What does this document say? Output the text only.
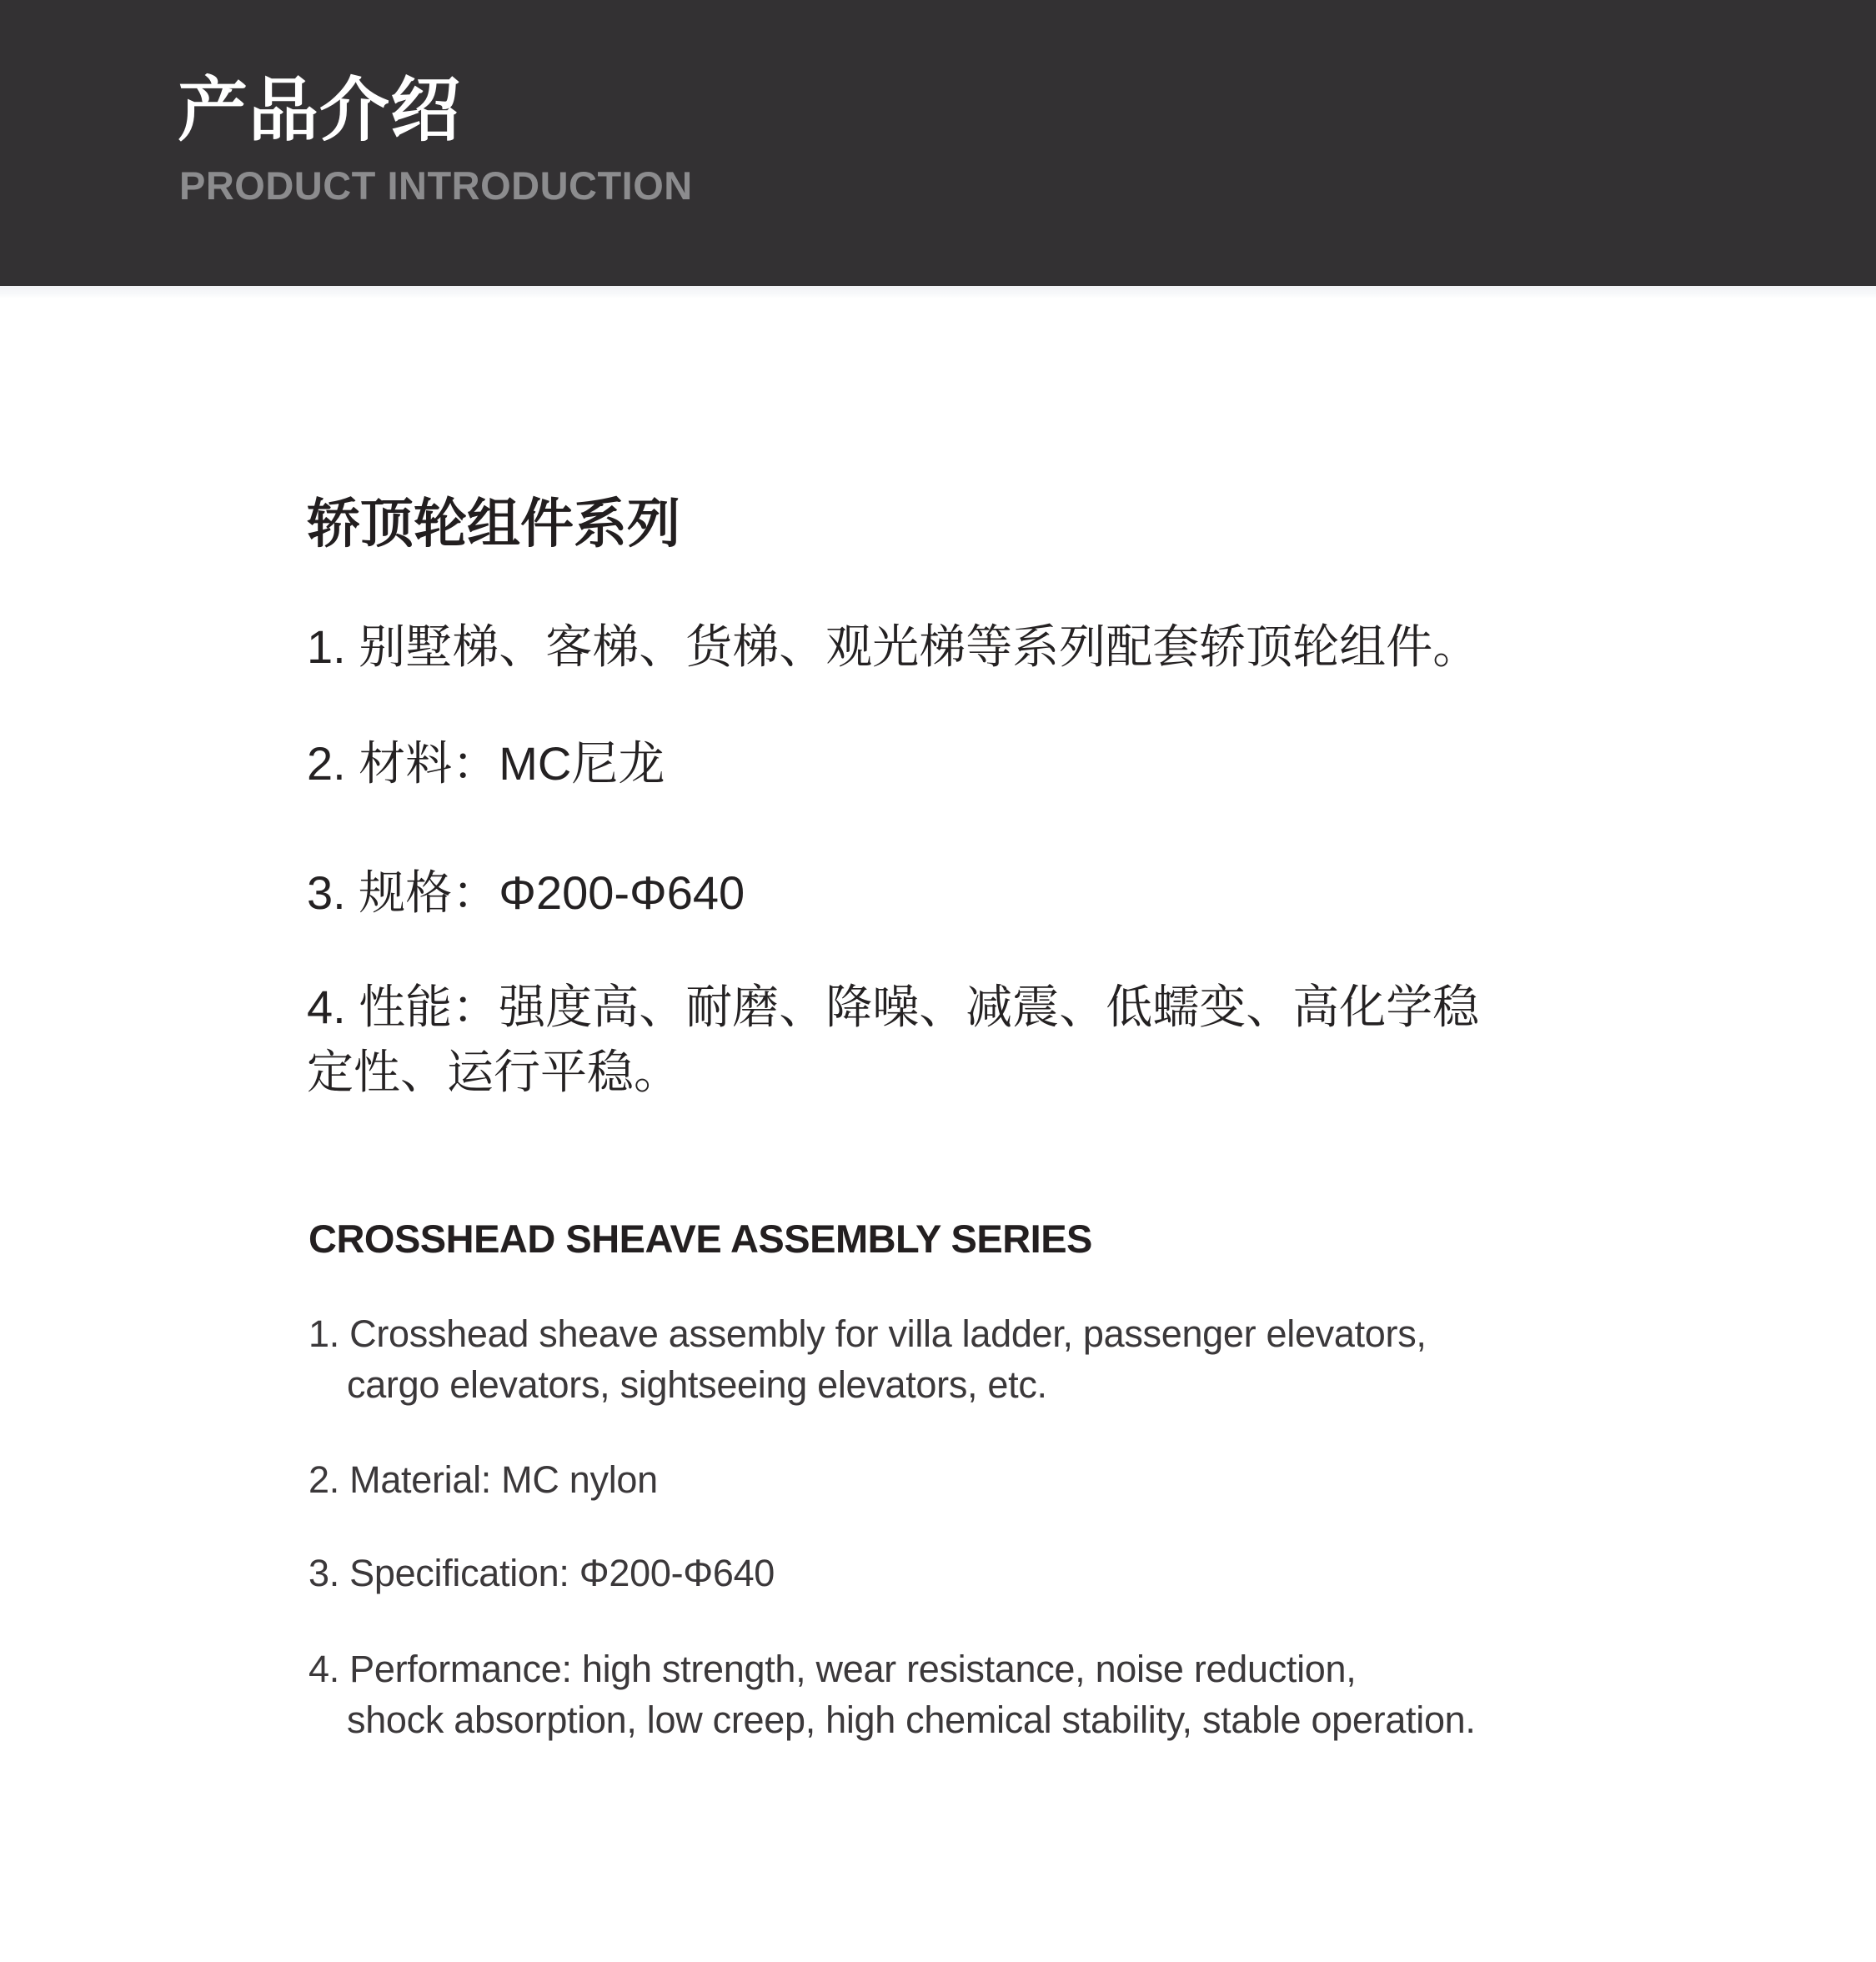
产品介绍
PRODUCT INTRODUCTION
轿顶轮组件系列
1. 别墅梯、客梯、货梯、观光梯等系列配套轿顶轮组件。
2. 材料：MC尼龙
3. 规格：Φ200-Φ640
4. 性能：强度高、耐磨、降噪、减震、低蠕变、高化学稳
定性、运行平稳。
CROSSHEAD SHEAVE ASSEMBLY SERIES
1. Crosshead sheave assembly for villa ladder, passenger elevators,
cargo elevators, sightseeing elevators, etc.
2. Material: MC nylon
3. Specification: Φ200-Φ640
4. Performance: high strength, wear resistance, noise reduction,
shock absorption, low creep, high chemical stability, stable operation.
